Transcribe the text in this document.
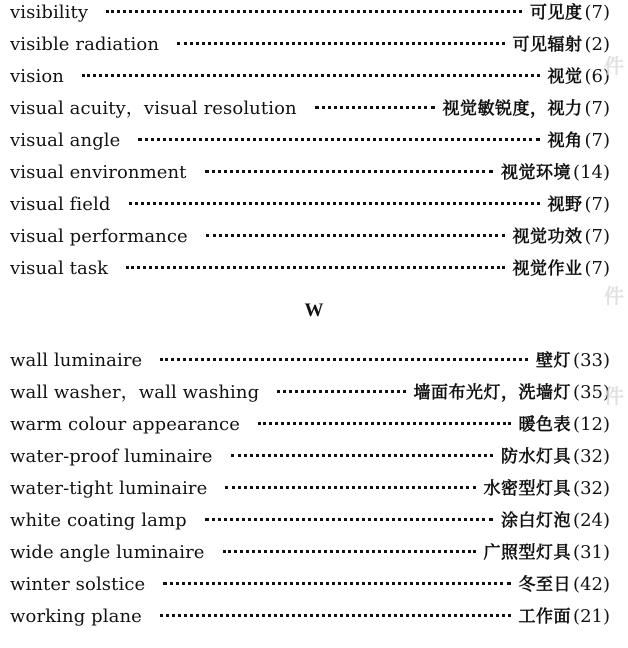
visibility	可见度 (7)
visible radiation	可见辐射 (2)
vision	视觉 (6)
visual acuity，visual resolution	视觉敏锐度，视力 (7)
visual angle	视角 (7)
visual environment	视觉环境 (14)
visual field	视野 (7)
visual performance	视觉功效 (7)
visual task	视觉作业 (7)
W
wall luminaire	壁灯 (33)
wall washer，wall washing	墙面布光灯，洗墙灯 (35)
warm colour appearance	暖色表 (12)
water-proof luminaire	防水灯具 (32)
water-tight luminaire	水密型灯具 (32)
white coating lamp	涂白灯泡 (24)
wide angle luminaire	广照型灯具 (31)
winter solstice	冬至日 (42)
working plane	工作面 (21)
件
件
件
